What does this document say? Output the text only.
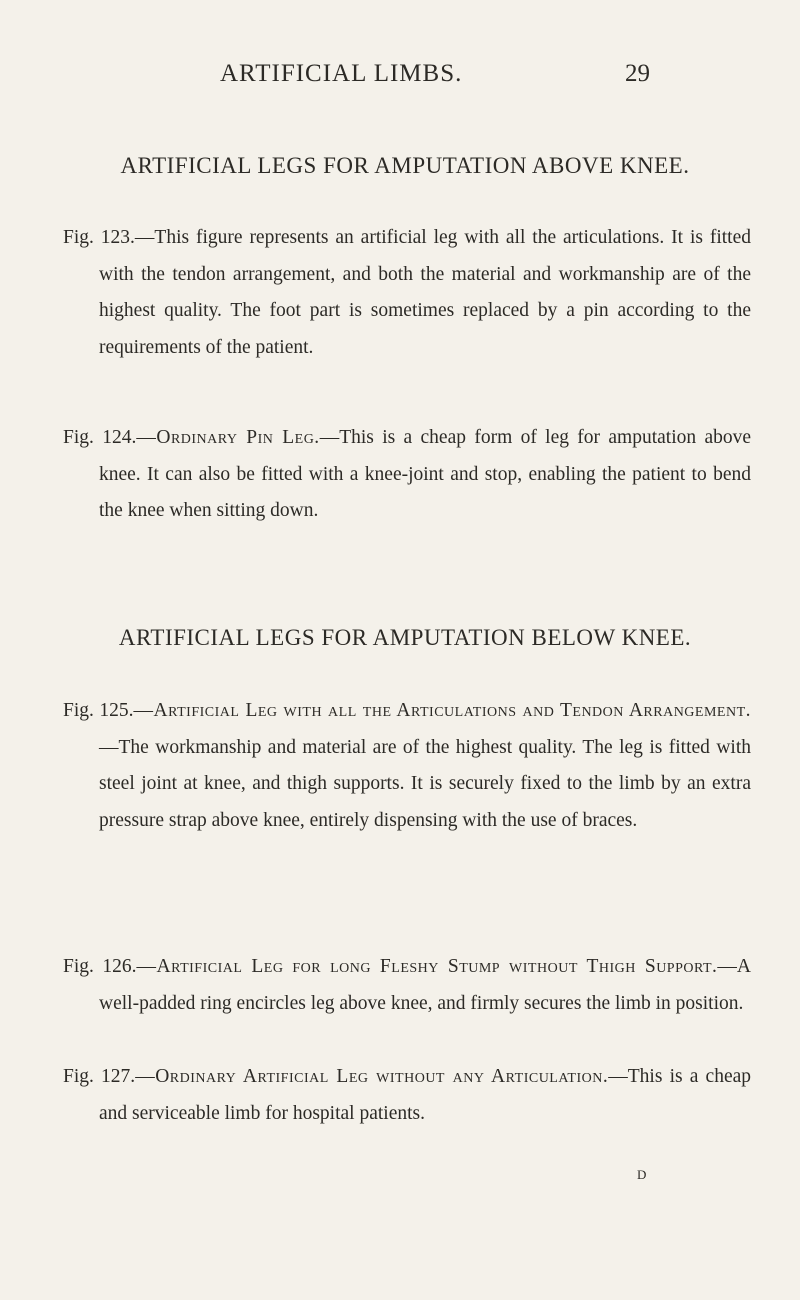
ARTIFICIAL LIMBS.	29
ARTIFICIAL LEGS FOR AMPUTATION ABOVE KNEE.

Fig. 123.—This figure represents an artificial leg with all the articulations. It is fitted with the tendon arrangement, and both the material and workmanship are of the highest quality. The foot part is sometimes replaced by a pin according to the requirements of the patient.

Fig. 124.—Ordinary Pin Leg.—This is a cheap form of leg for amputation above knee. It can also be fitted with a knee-joint and stop, enabling the patient to bend the knee when sitting down.

ARTIFICIAL LEGS FOR AMPUTATION BELOW KNEE.

Fig. 125.—Artificial Leg with all the Articulations and Tendon Arrangement.—The workmanship and material are of the highest quality. The leg is fitted with steel joint at knee, and thigh supports. It is securely fixed to the limb by an extra pressure strap above knee, entirely dispensing with the use of braces.

Fig. 126.—Artificial Leg for long Fleshy Stump without Thigh Support.—A well-padded ring encircles leg above knee, and firmly secures the limb in position.

Fig. 127.—Ordinary Artificial Leg without any Articulation.—This is a cheap and serviceable limb for hospital patients.

D
